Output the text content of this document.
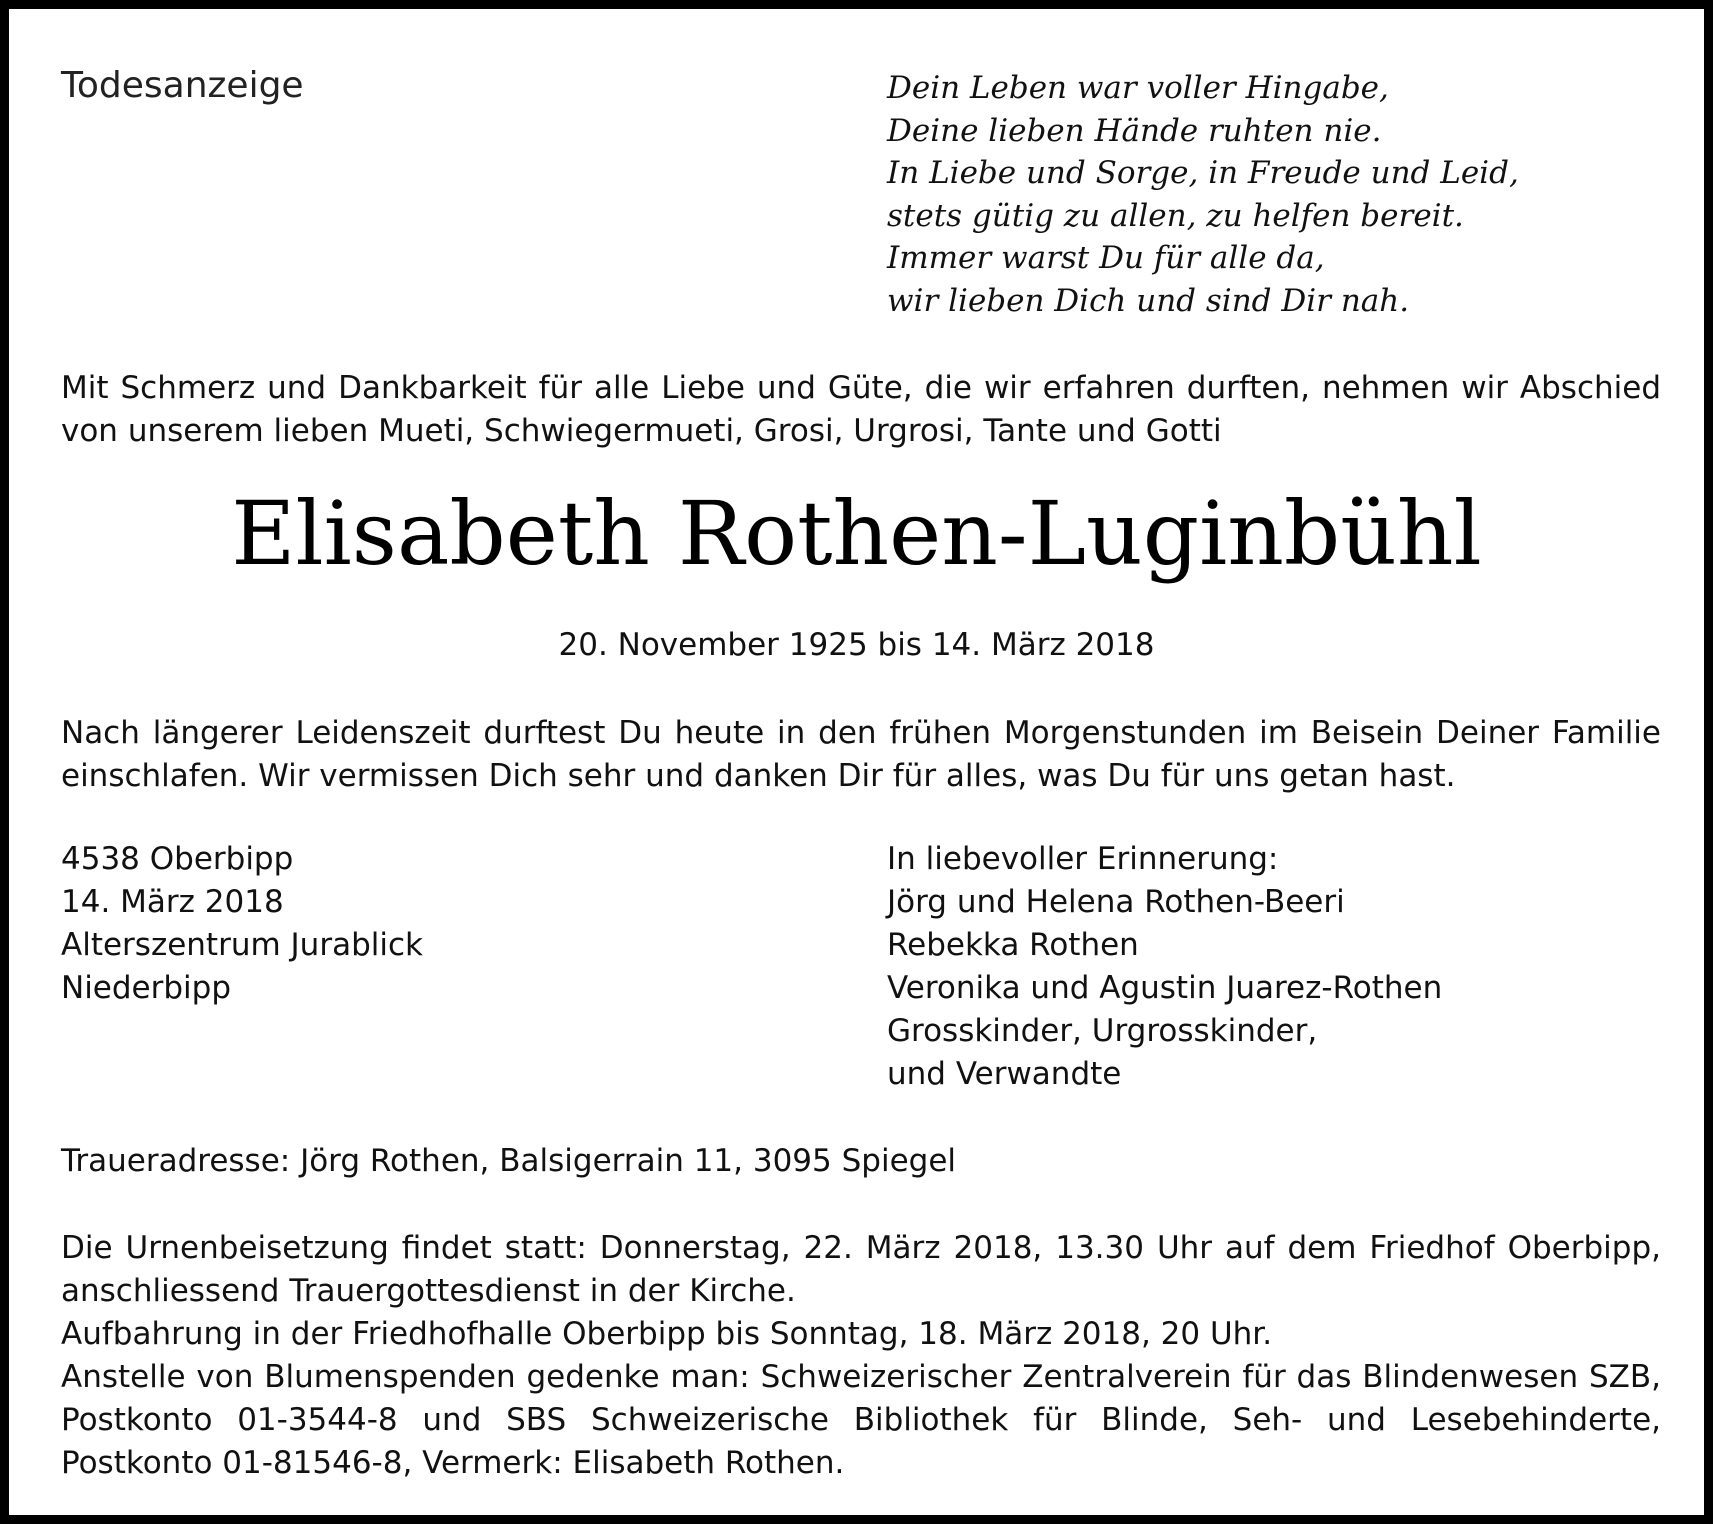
Todesanzeige	Dein Leben war voller Hingabe,
Deine lieben Hände ruhten nie.
In Liebe und Sorge, in Freude und Leid,
stets gütig zu allen, zu helfen bereit.
Immer warst Du für alle da,
wir lieben Dich und sind Dir nah.
Mit Schmerz und Dankbarkeit für alle Liebe und Güte, die wir erfahren durften, nehmen wir Abschied von unserem lieben Mueti, Schwiegermueti, Grosi, Urgrosi, Tante und Gotti
Elisabeth Rothen-Luginbühl
20. November 1925 bis 14. März 2018
Nach längerer Leidenszeit durftest Du heute in den frühen Morgenstunden im Beisein Deiner Familie einschlafen. Wir vermissen Dich sehr und danken Dir für alles, was Du für uns getan hast.
4538 Oberbipp
14. März 2018
Alterszentrum Jurablick
Niederbipp
In liebevoller Erinnerung:
Jörg und Helena Rothen-Beeri
Rebekka Rothen
Veronika und Agustin Juarez-Rothen
Grosskinder, Urgrosskinder,
und Verwandte
Traueradresse: Jörg Rothen, Balsigerrain 11, 3095 Spiegel
Die Urnenbeisetzung findet statt: Donnerstag, 22. März 2018, 13.30 Uhr auf dem Friedhof Oberbipp, anschliessend Trauergottesdienst in der Kirche.
Aufbahrung in der Friedhofhalle Oberbipp bis Sonntag, 18. März 2018, 20 Uhr.
Anstelle von Blumenspenden gedenke man: Schweizerischer Zentralverein für das Blindenwesen SZB, Postkonto 01-3544-8 und SBS Schweizerische Bibliothek für Blinde, Seh- und Lesebehinderte, Postkonto 01-81546-8, Vermerk: Elisabeth Rothen.
